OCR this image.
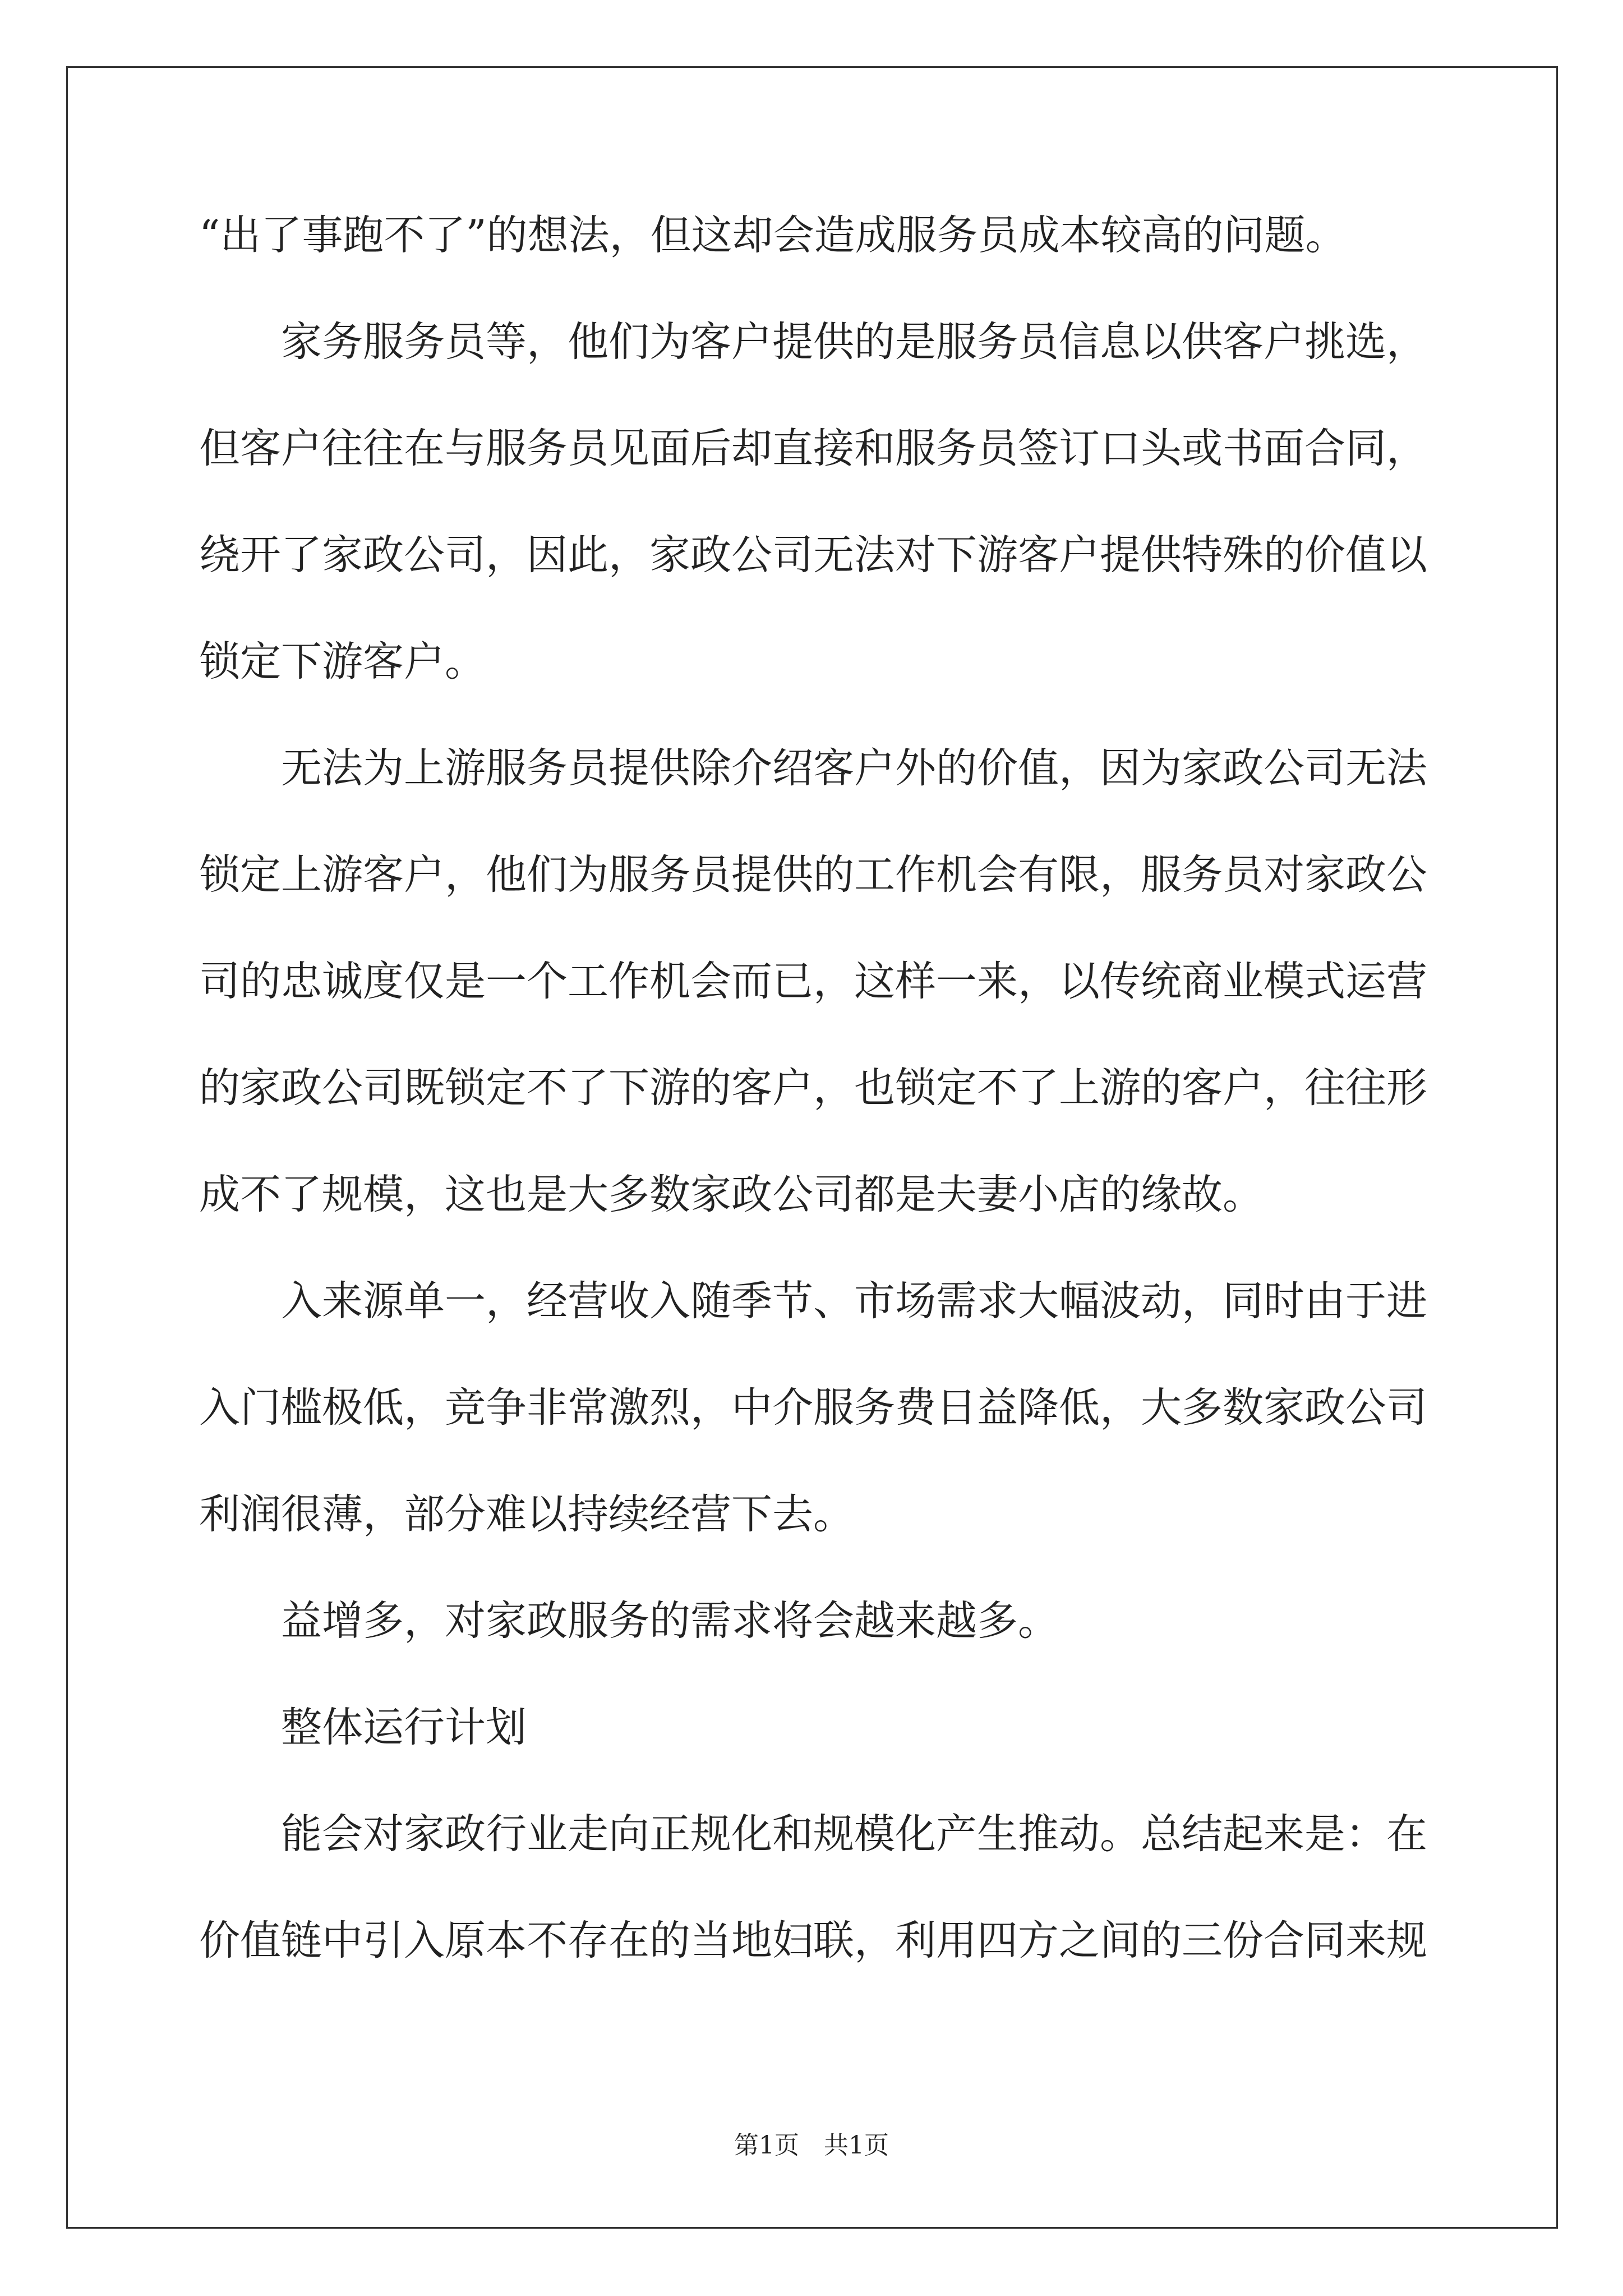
“出了事跑不了”的想法，但这却会造成服务员成本较高的问题。
家务服务员等，他们为客户提供的是服务员信息以供客户挑选，
但客户往往在与服务员见面后却直接和服务员签订口头或书面合同，
绕开了家政公司，因此，家政公司无法对下游客户提供特殊的价值以
锁定下游客户。
无法为上游服务员提供除介绍客户外的价值，因为家政公司无法
锁定上游客户，他们为服务员提供的工作机会有限，服务员对家政公
司的忠诚度仅是一个工作机会而已，这样一来，以传统商业模式运营
的家政公司既锁定不了下游的客户，也锁定不了上游的客户，往往形
成不了规模，这也是大多数家政公司都是夫妻小店的缘故。
入来源单一，经营收入随季节、市场需求大幅波动，同时由于进
入门槛极低，竞争非常激烈，中介服务费日益降低，大多数家政公司
利润很薄，部分难以持续经营下去。
益增多，对家政服务的需求将会越来越多。
整体运行计划
能会对家政行业走向正规化和规模化产生推动。总结起来是：在
价值链中引入原本不存在的当地妇联，利用四方之间的三份合同来规
第1页　共1页
